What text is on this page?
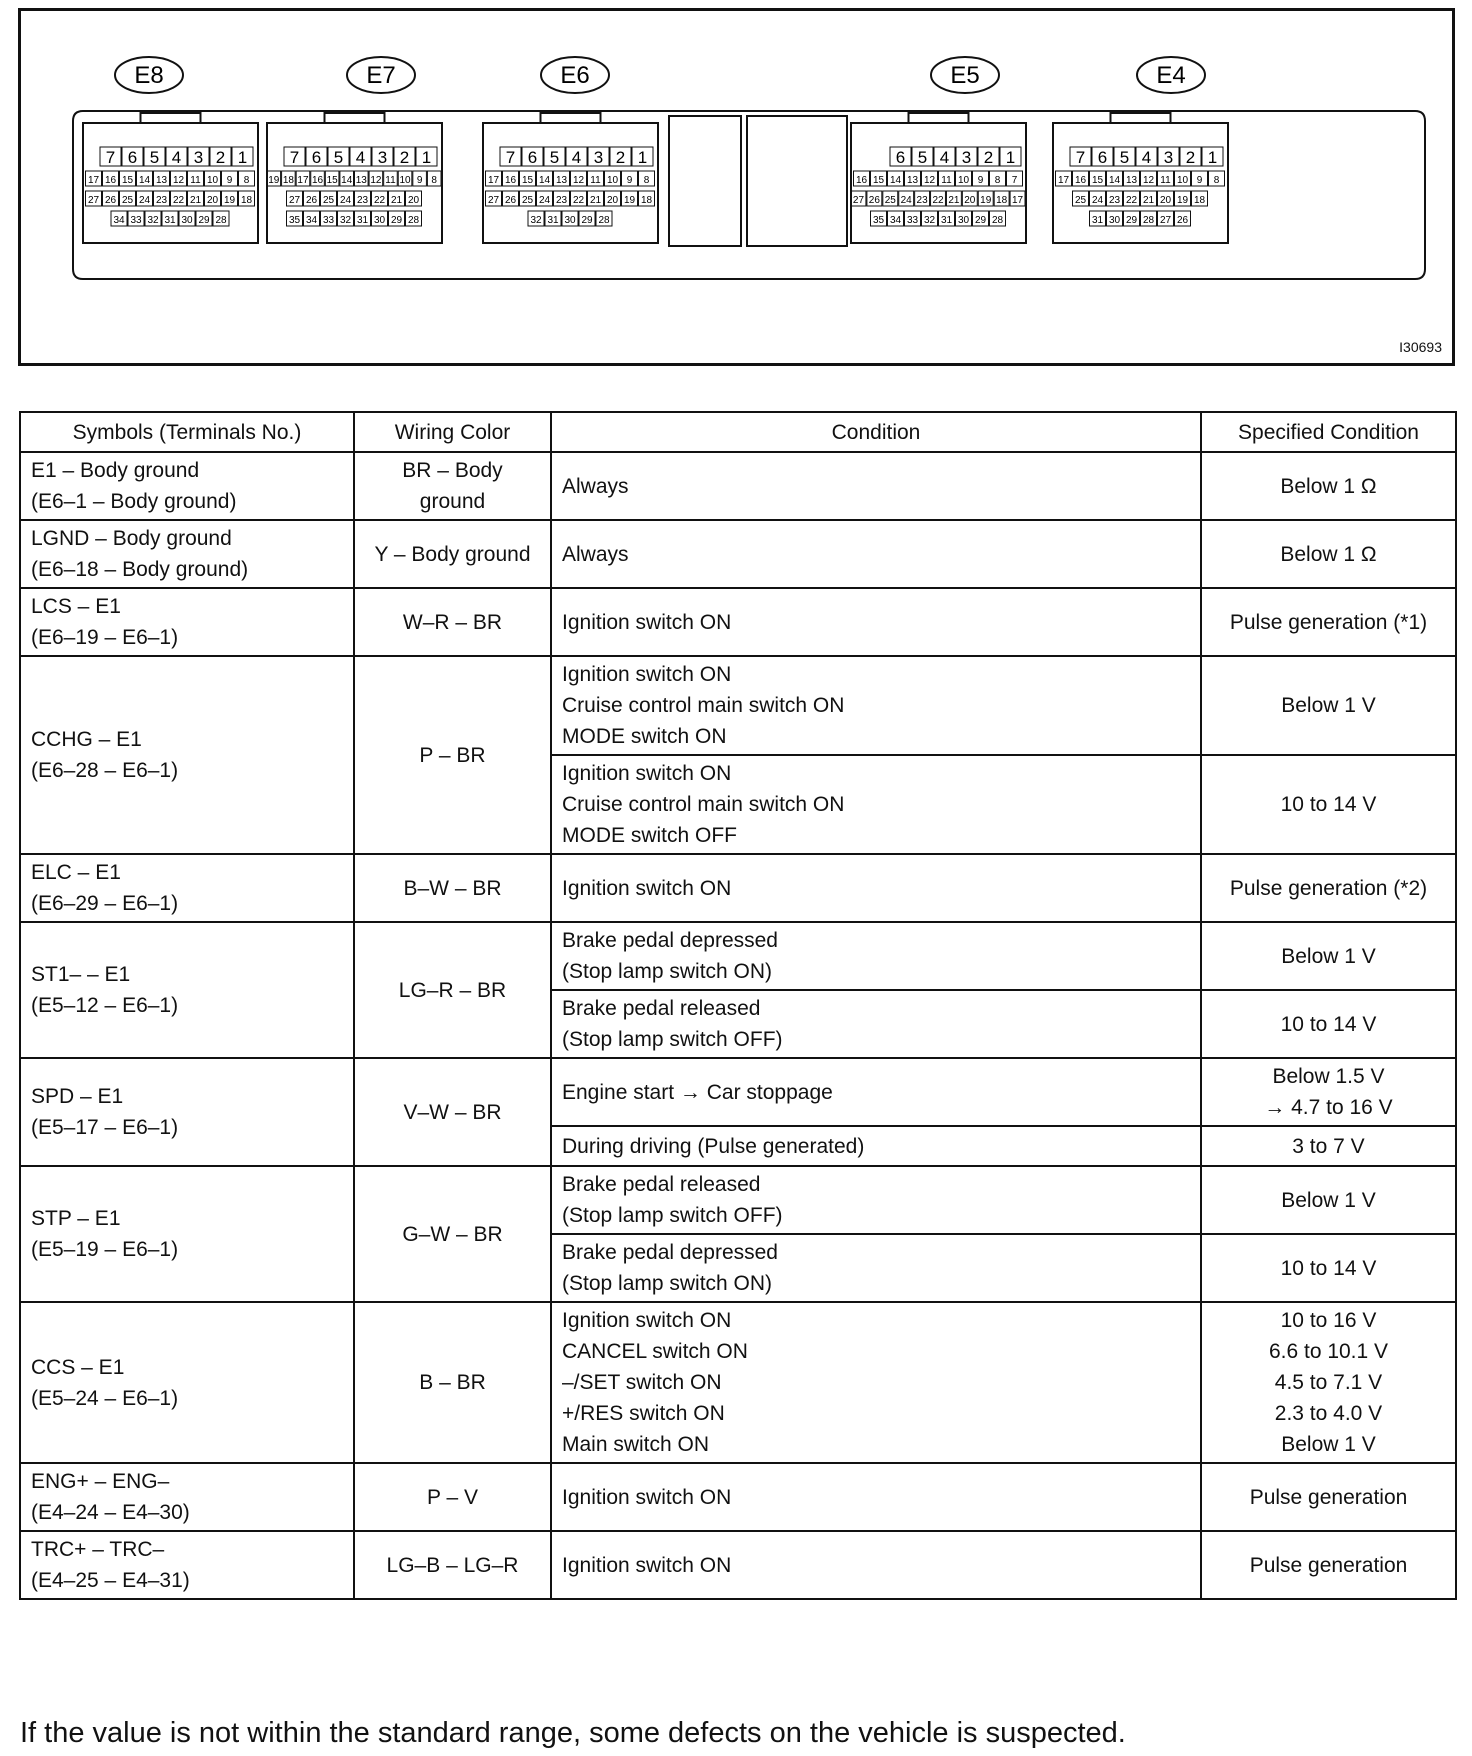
E8
7 6 5 4 3 2 1
17 16 15 14 13 12 11 10 9 8
27 26 25 24 23 22 21 20 19 18
34 33 32 31 30 29 28
E7
7 6 5 4 3 2 1
19 18 17 16 15 14 13 12 11 10 9 8
27 26 25 24 23 22 21 20
35 34 33 32 31 30 29 28
E6
7 6 5 4 3 2 1
17 16 15 14 13 12 11 10 9 8
27 26 25 24 23 22 21 20 19 18
32 31 30 29 28
E5
6 5 4 3 2 1
16 15 14 13 12 11 10 9 8 7
27 26 25 24 23 22 21 20 19 18 17
35 34 33 32 31 30 29 28
E4
7 6 5 4 3 2 1
17 16 15 14 13 12 11 10 9 8
25 24 23 22 21 20 19 18
31 30 29 28 27 26
I30693
Symbols (Terminals No.)	Wiring Color	Condition	Specified Condition

E1 – Body ground
(E6–1 – Body ground)	BR – Body
ground	Always	Below 1 Ω

LGND – Body ground
(E6–18 – Body ground)	Y – Body ground	Always	Below 1 Ω

LCS – E1
(E6–19 – E6–1)	W–R – BR	Ignition switch ON	Pulse generation (*1)

CCHG – E1
(E6–28 – E6–1)	P – BR	Ignition switch ON
Cruise control main switch ON
MODE switch ON	Below 1 V

		Ignition switch ON
Cruise control main switch ON
MODE switch OFF	10 to 14 V

ELC – E1
(E6–29 – E6–1)	B–W – BR	Ignition switch ON	Pulse generation (*2)

ST1– – E1
(E5–12 – E6–1)	LG–R – BR	Brake pedal depressed
(Stop lamp switch ON)	Below 1 V

		Brake pedal released
(Stop lamp switch OFF)	10 to 14 V

SPD – E1
(E5–17 – E6–1)	V–W – BR	Engine start → Car stoppage	Below 1.5 V
→ 4.7 to 16 V

		During driving (Pulse generated)	3 to 7 V

STP – E1
(E5–19 – E6–1)	G–W – BR	Brake pedal released
(Stop lamp switch OFF)	Below 1 V

		Brake pedal depressed
(Stop lamp switch ON)	10 to 14 V

CCS – E1
(E5–24 – E6–1)	B – BR	Ignition switch ON
CANCEL switch ON
–/SET switch ON
+/RES switch ON
Main switch ON	10 to 16 V
6.6 to 10.1 V
4.5 to 7.1 V
2.3 to 4.0 V
Below 1 V

ENG+ – ENG–
(E4–24 – E4–30)	P – V	Ignition switch ON	Pulse generation

TRC+ – TRC–
(E4–25 – E4–31)	LG–B – LG–R	Ignition switch ON	Pulse generation
If the value is not within the standard range, some defects on the vehicle is suspected.
